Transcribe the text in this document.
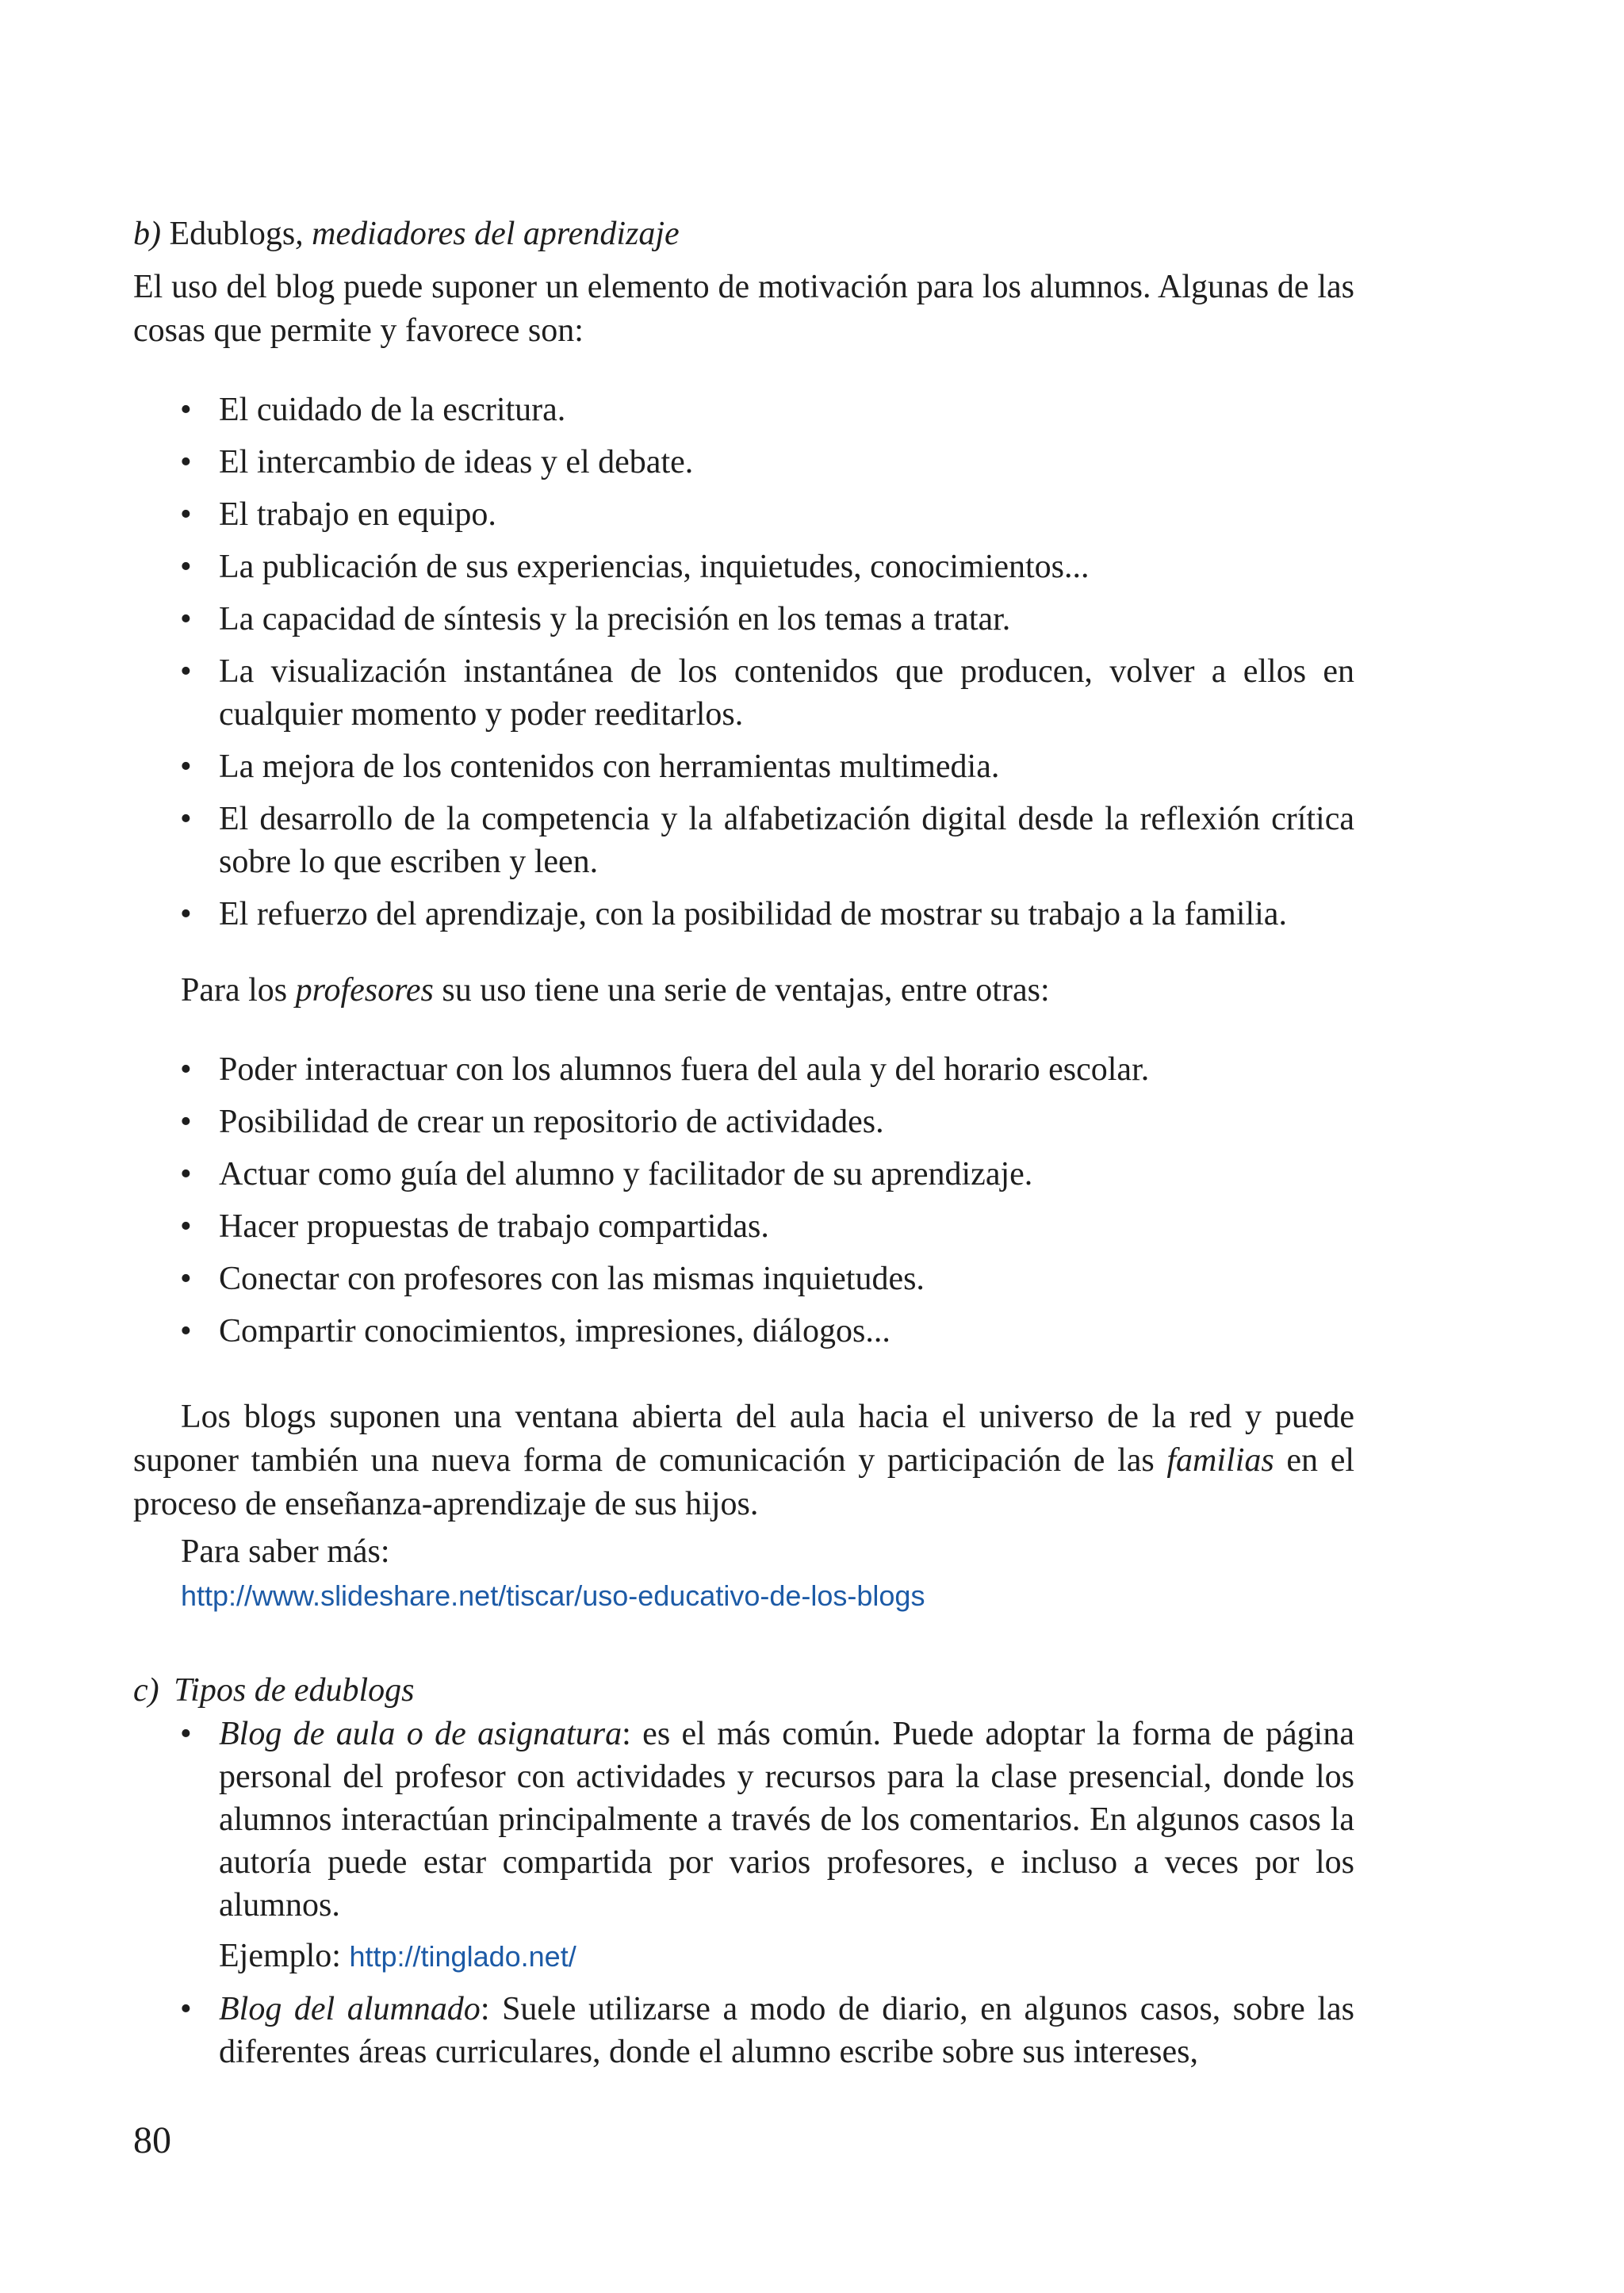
b) Edublogs, mediadores del aprendizaje
El uso del blog puede suponer un elemento de motivación para los alumnos. Algunas de las cosas que permite y favorece son:
• El cuidado de la escritura.
• El intercambio de ideas y el debate.
• El trabajo en equipo.
• La publicación de sus experiencias, inquietudes, conocimientos...
• La capacidad de síntesis y la precisión en los temas a tratar.
• La visualización instantánea de los contenidos que producen, volver a ellos en cualquier momento y poder reeditarlos.
• La mejora de los contenidos con herramientas multimedia.
• El desarrollo de la competencia y la alfabetización digital desde la reflexión crítica sobre lo que escriben y leen.
• El refuerzo del aprendizaje, con la posibilidad de mostrar su trabajo a la familia.
Para los profesores su uso tiene una serie de ventajas, entre otras:
• Poder interactuar con los alumnos fuera del aula y del horario escolar.
• Posibilidad de crear un repositorio de actividades.
• Actuar como guía del alumno y facilitador de su aprendizaje.
• Hacer propuestas de trabajo compartidas.
• Conectar con profesores con las mismas inquietudes.
• Compartir conocimientos, impresiones, diálogos...
Los blogs suponen una ventana abierta del aula hacia el universo de la red y puede suponer también una nueva forma de comunicación y participación de las familias en el proceso de enseñanza-aprendizaje de sus hijos.
Para saber más:
http://www.slideshare.net/tiscar/uso-educativo-de-los-blogs
c) Tipos de edublogs
• Blog de aula o de asignatura: es el más común. Puede adoptar la forma de página personal del profesor con actividades y recursos para la clase presencial, donde los alumnos interactúan principalmente a través de los comentarios. En algunos casos la autoría puede estar compartida por varios profesores, e incluso a veces por los alumnos.
Ejemplo: http://tinglado.net/
• Blog del alumnado: Suele utilizarse a modo de diario, en algunos casos, sobre las diferentes áreas curriculares, donde el alumno escribe sobre sus intereses,
80
